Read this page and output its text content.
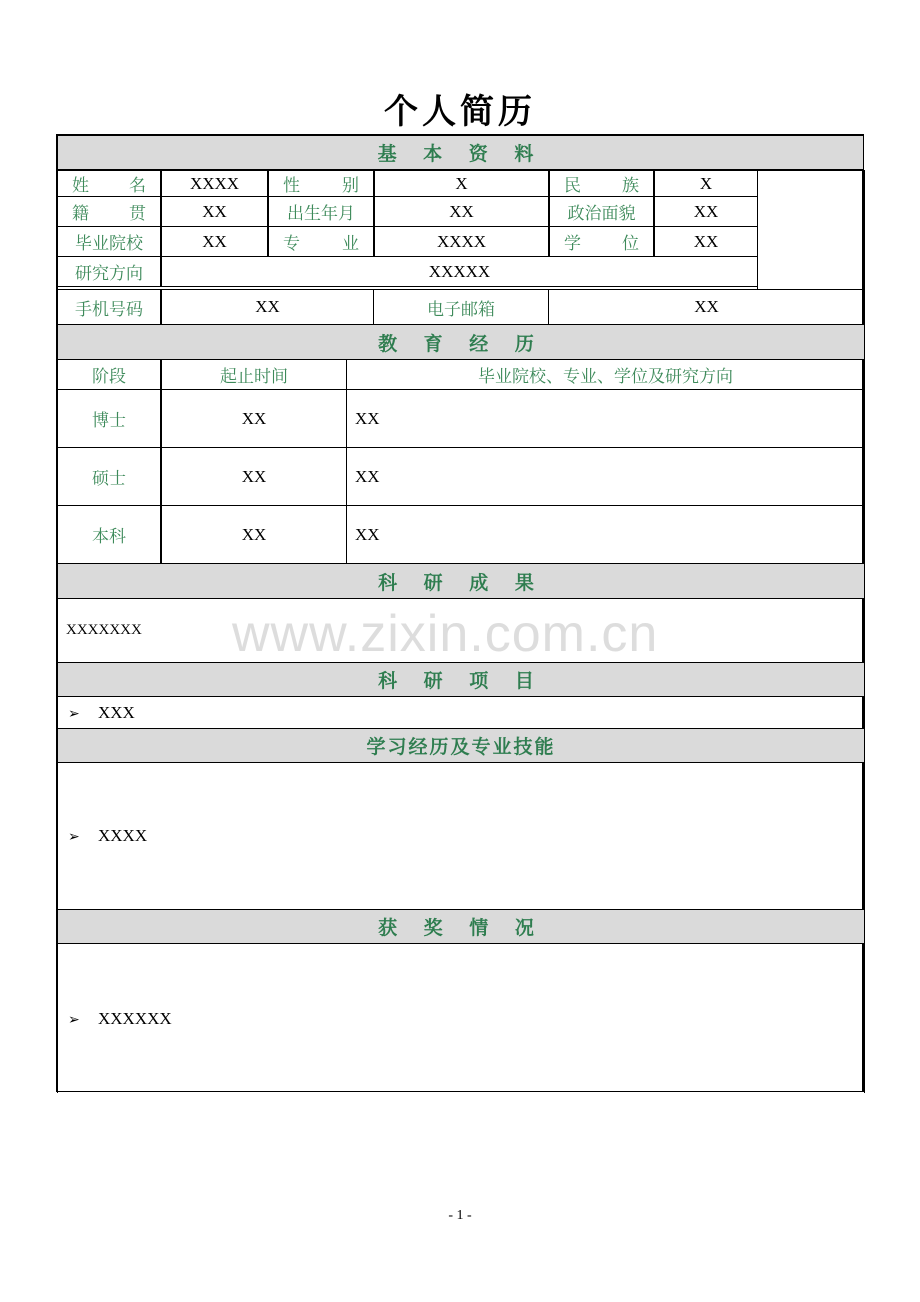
个人简历
基 本 资 料
姓 名	XXXX	性 别	X	民 族	X
籍 贯	XX	出生年月	XX	政治面貌	XX
毕业院校	XX	专 业	XXXX	学 位	XX
研究方向	XXXXX
手机号码	XX	电子邮箱	XX
教 育 经 历
阶段	起止时间	毕业院校、专业、学位及研究方向
博士	XX	XX
硕士	XX	XX
本科	XX	XX
科 研 成 果
XXXXXXX
科 研 项 目
➢ XXX
学习经历及专业技能
➢ XXXX
获 奖 情 况
➢ XXXXXX
www.zixin.com.cn
- 1 -
